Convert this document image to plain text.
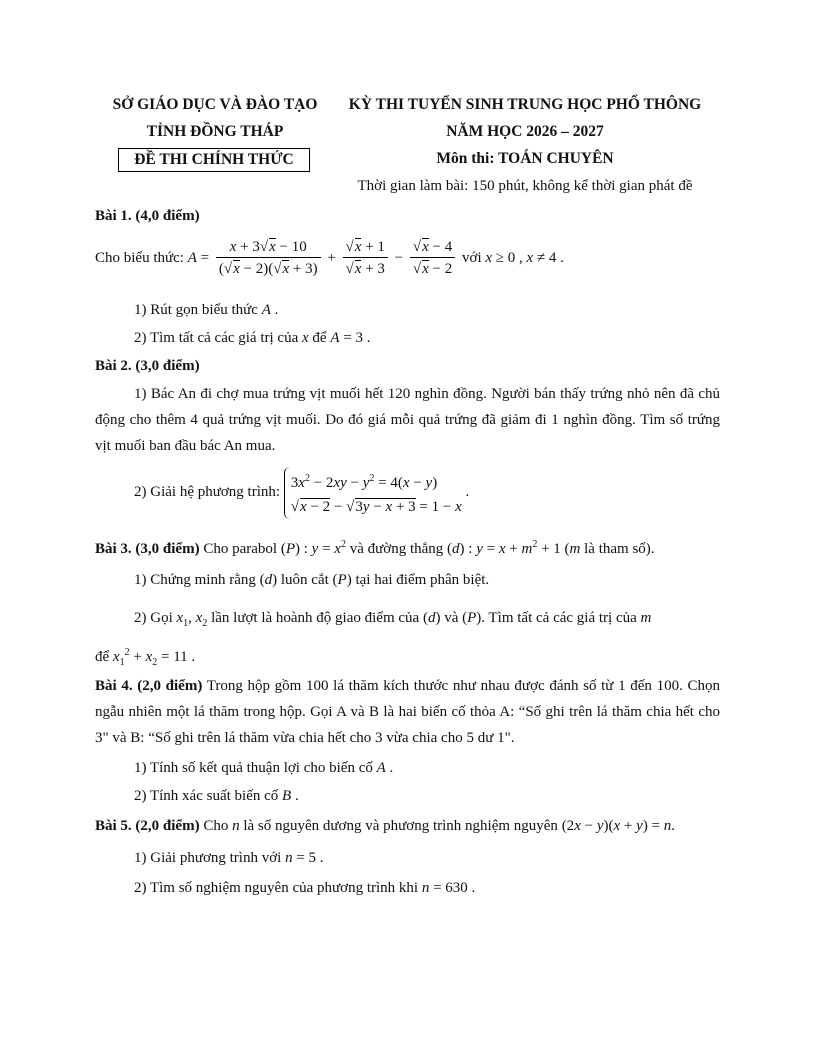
SỞ GIÁO DỤC VÀ ĐÀO TẠO
TỈNH ĐỒNG THÁP
ĐỀ THI CHÍNH THỨC
KỲ THI TUYỂN SINH TRUNG HỌC PHỔ THÔNG
NĂM HỌC 2026 – 2027
Môn thi: TOÁN CHUYÊN
Thời gian làm bài: 150 phút, không kể thời gian phát đề
Bài 1. (4,0 điểm)
Cho biểu thức: $A = \frac{x + 3√x - 10}{(√x - 2)(√x + 3)} + \frac{√x + 1}{√x + 3} - \frac{√x - 4}{√x - 2}$ với x ≥ 0 , x ≠ 4 .
1) Rút gọn biểu thức A .
2) Tìm tất cả các giá trị của x để A = 3 .
Bài 2. (3,0 điểm)
1) Bác An đi chợ mua trứng vịt muối hết 120 nghìn đồng. Người bán thấy trứng nhỏ nên đã chủ động cho thêm 4 quả trứng vịt muối. Do đó giá mỗi quả trứng đã giảm đi 1 nghìn đồng. Tìm số trứng vịt muối ban đầu bác An mua.
2) Giải hệ phương trình:
$3x^2 - 2xy - y^2 = 4(x - y)$
√x − 2 − √3y − x + 3 = 1 − x
.
Bài 3. (3,0 điểm) Cho parabol (P) : $y = x^2$ và đường thẳng (d) : $y = x + m^2 + 1$ (m là tham số).
1) Chứng minh rằng (d) luôn cắt (P) tại hai điểm phân biệt.
2) Gọi $x_1$, $x_2$ lần lượt là hoành độ giao điểm của (d) và (P). Tìm tất cả các giá trị của m
để $x_1^2 + x_2 = 11$ .
Bài 4. (2,0 điểm) Trong hộp gồm 100 lá thăm kích thước như nhau được đánh số từ 1 đến 100. Chọn ngẫu nhiên một lá thăm trong hộp. Gọi A và B là hai biến cố thỏa A: “Số ghi trên lá thăm chia hết cho 3" và B: “Số ghi trên lá thăm vừa chia hết cho 3 vừa chia cho 5 dư 1".
1) Tính số kết quả thuận lợi cho biến cố A .
2) Tính xác suất biến cố B .
Bài 5. (2,0 điểm) Cho n là số nguyên dương và phương trình nghiệm nguyên (2x − y)(x + y) = n.
1) Giải phương trình với n = 5 .
2) Tìm số nghiệm nguyên của phương trình khi n = 630 .
